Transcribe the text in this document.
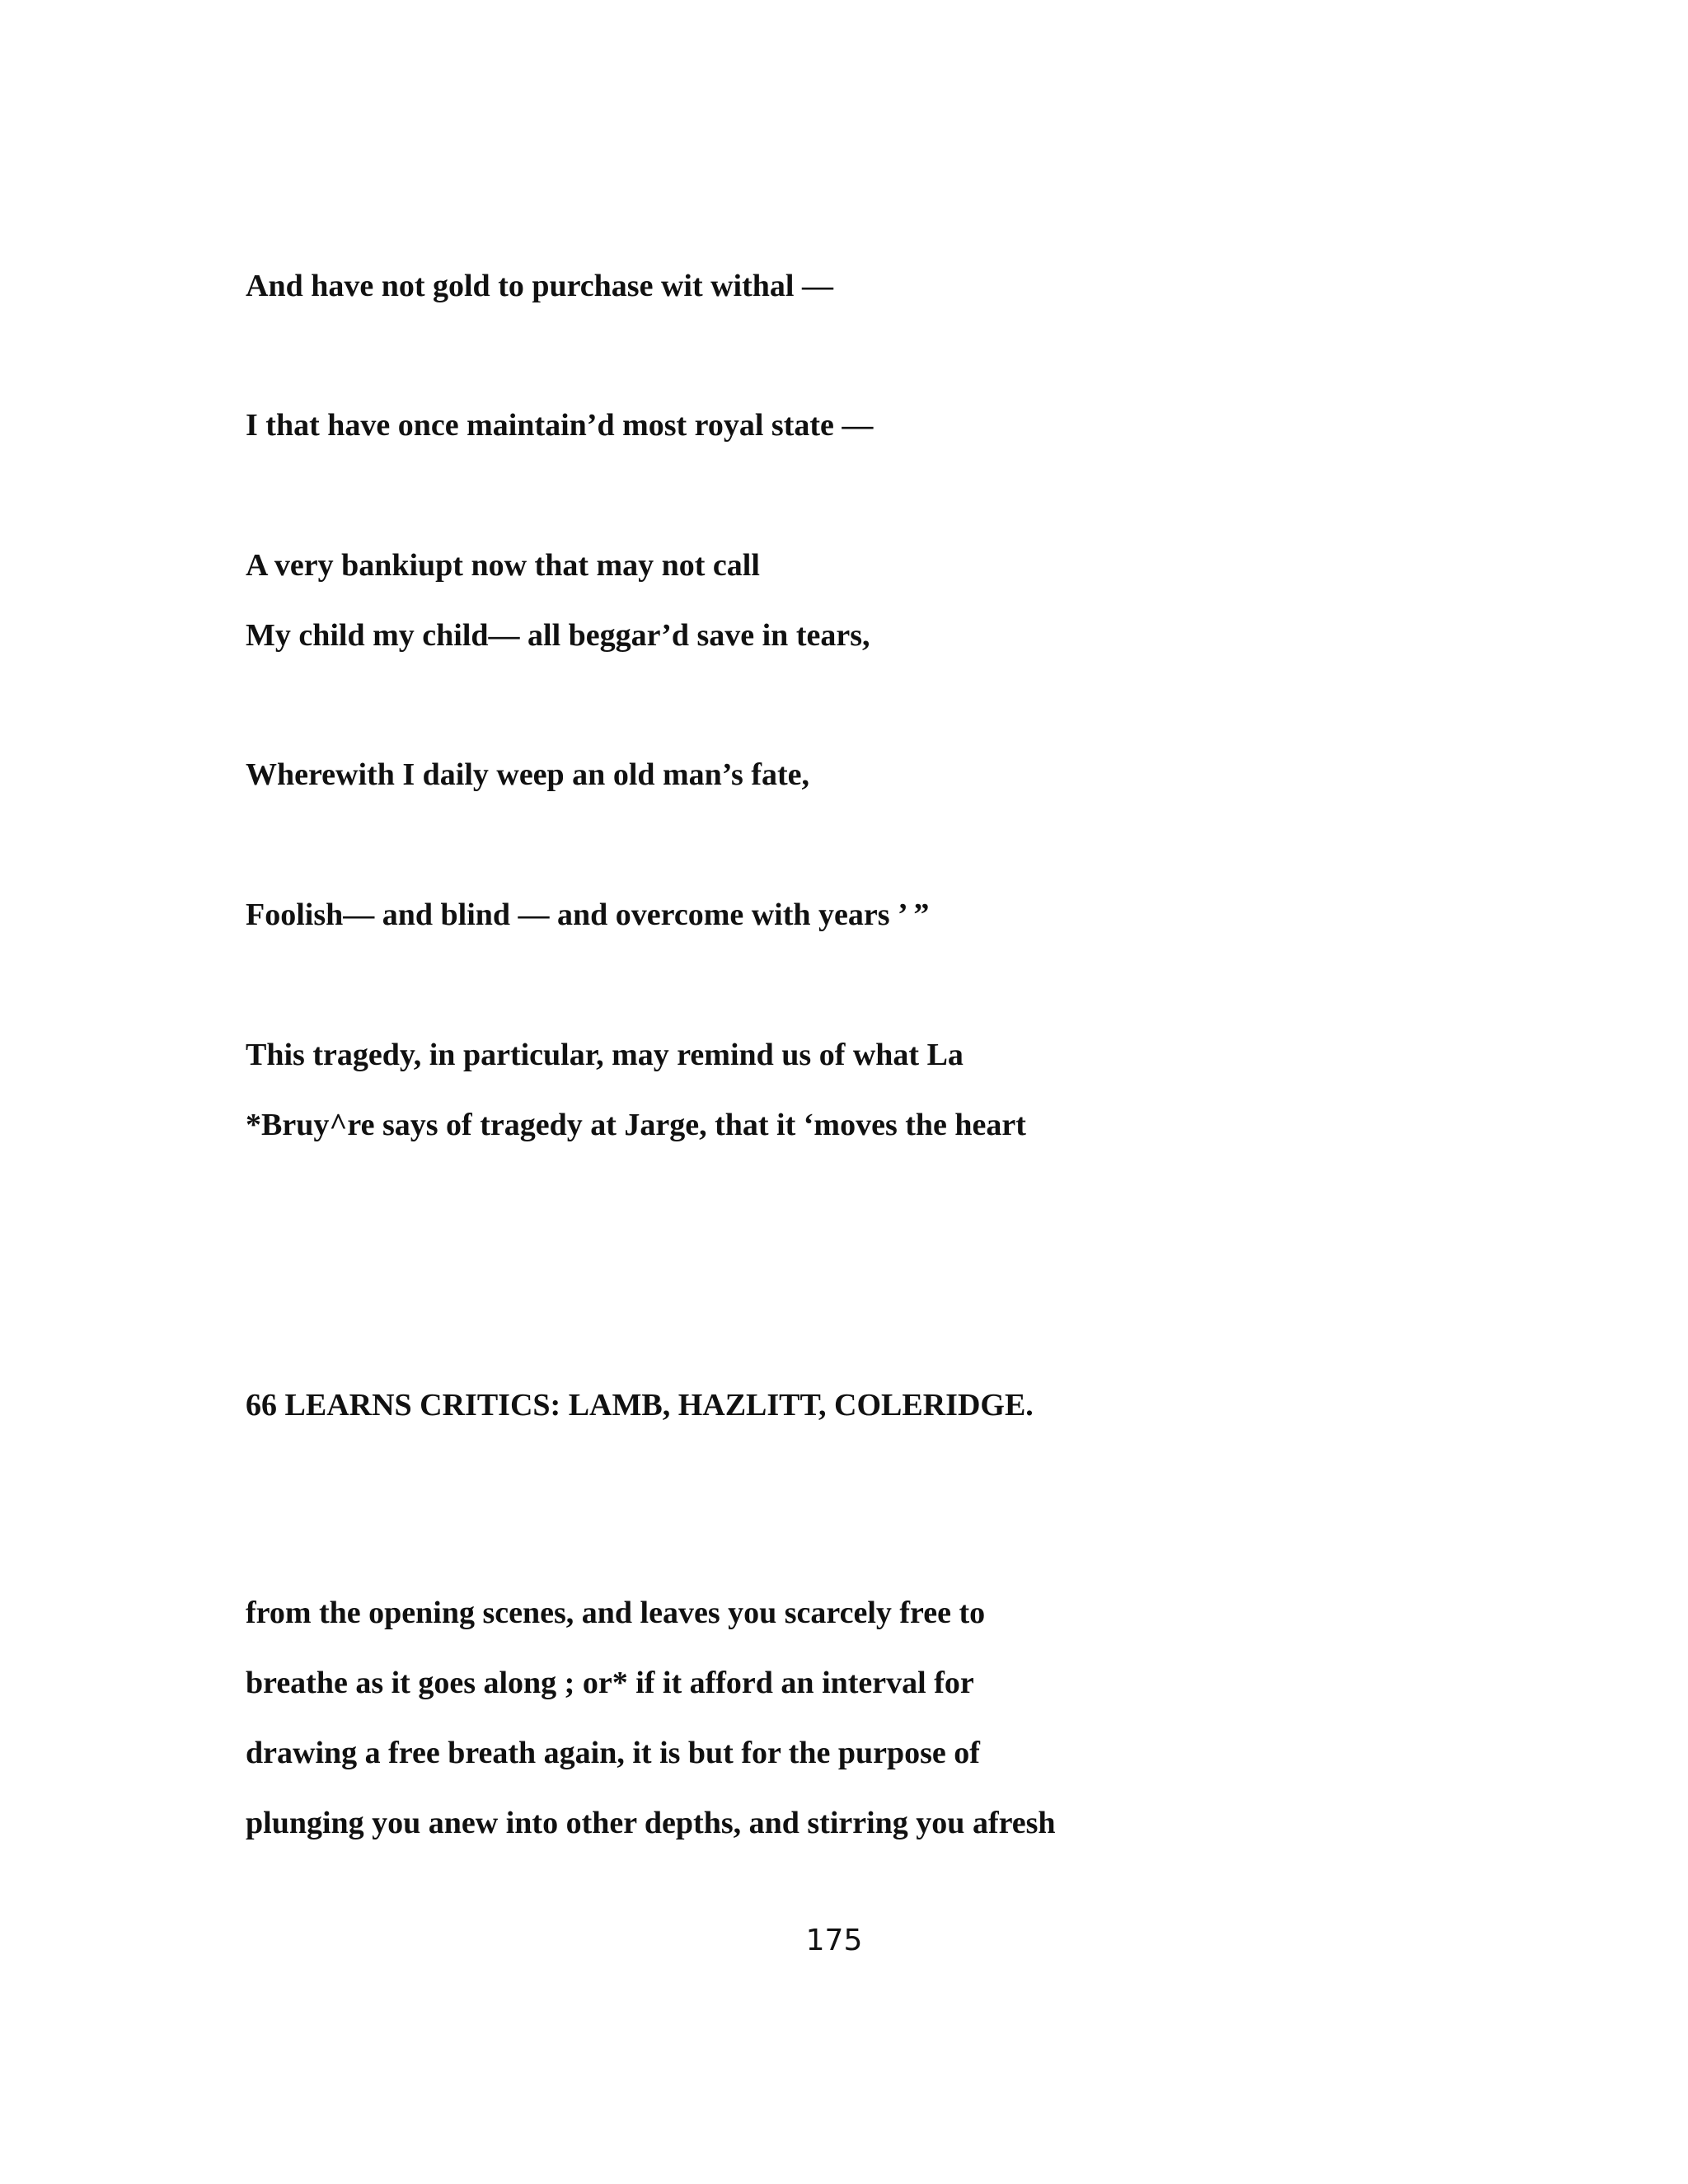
And have not gold to purchase wit withal —

I that have once maintain’d most royal state —

A very bankiupt now that may not call

My child my child— all beggar’d save in tears,

Wherewith I daily weep an old man’s fate,

Foolish— and blind — and overcome with years ’ ”

This tragedy, in particular, may remind us of what La

*Bruy^re says of tragedy at Jarge, that it ‘moves the heart

66 LEARNS CRITICS: LAMB, HAZLITT, COLERIDGE.

from the opening scenes, and leaves you scarcely free to

breathe as it goes along ; or* if it afford an interval for

drawing a free breath again, it is but for the purpose of

plunging you anew into other depths, and stirring you afresh

175
